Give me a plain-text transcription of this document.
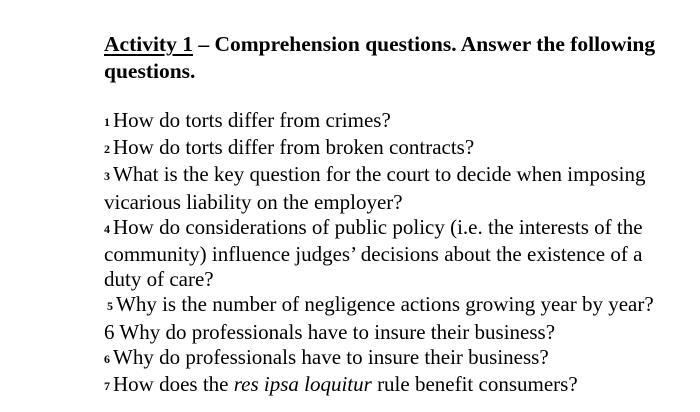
Activity 1 – Comprehension questions. Answer the following questions.

1 How do torts differ from crimes?

2 How do torts differ from broken contracts?

3 What is the key question for the court to decide when imposing vicarious liability on the employer?

4 How do considerations of public policy (i.e. the interests of the community) influence judges’ decisions about the existence of a duty of care?

5 Why is the number of negligence actions growing year by year? 6 Why do professionals have to insure their business?

6 Why do professionals have to insure their business?

7 How does the res ipsa loquitur rule benefit consumers?
